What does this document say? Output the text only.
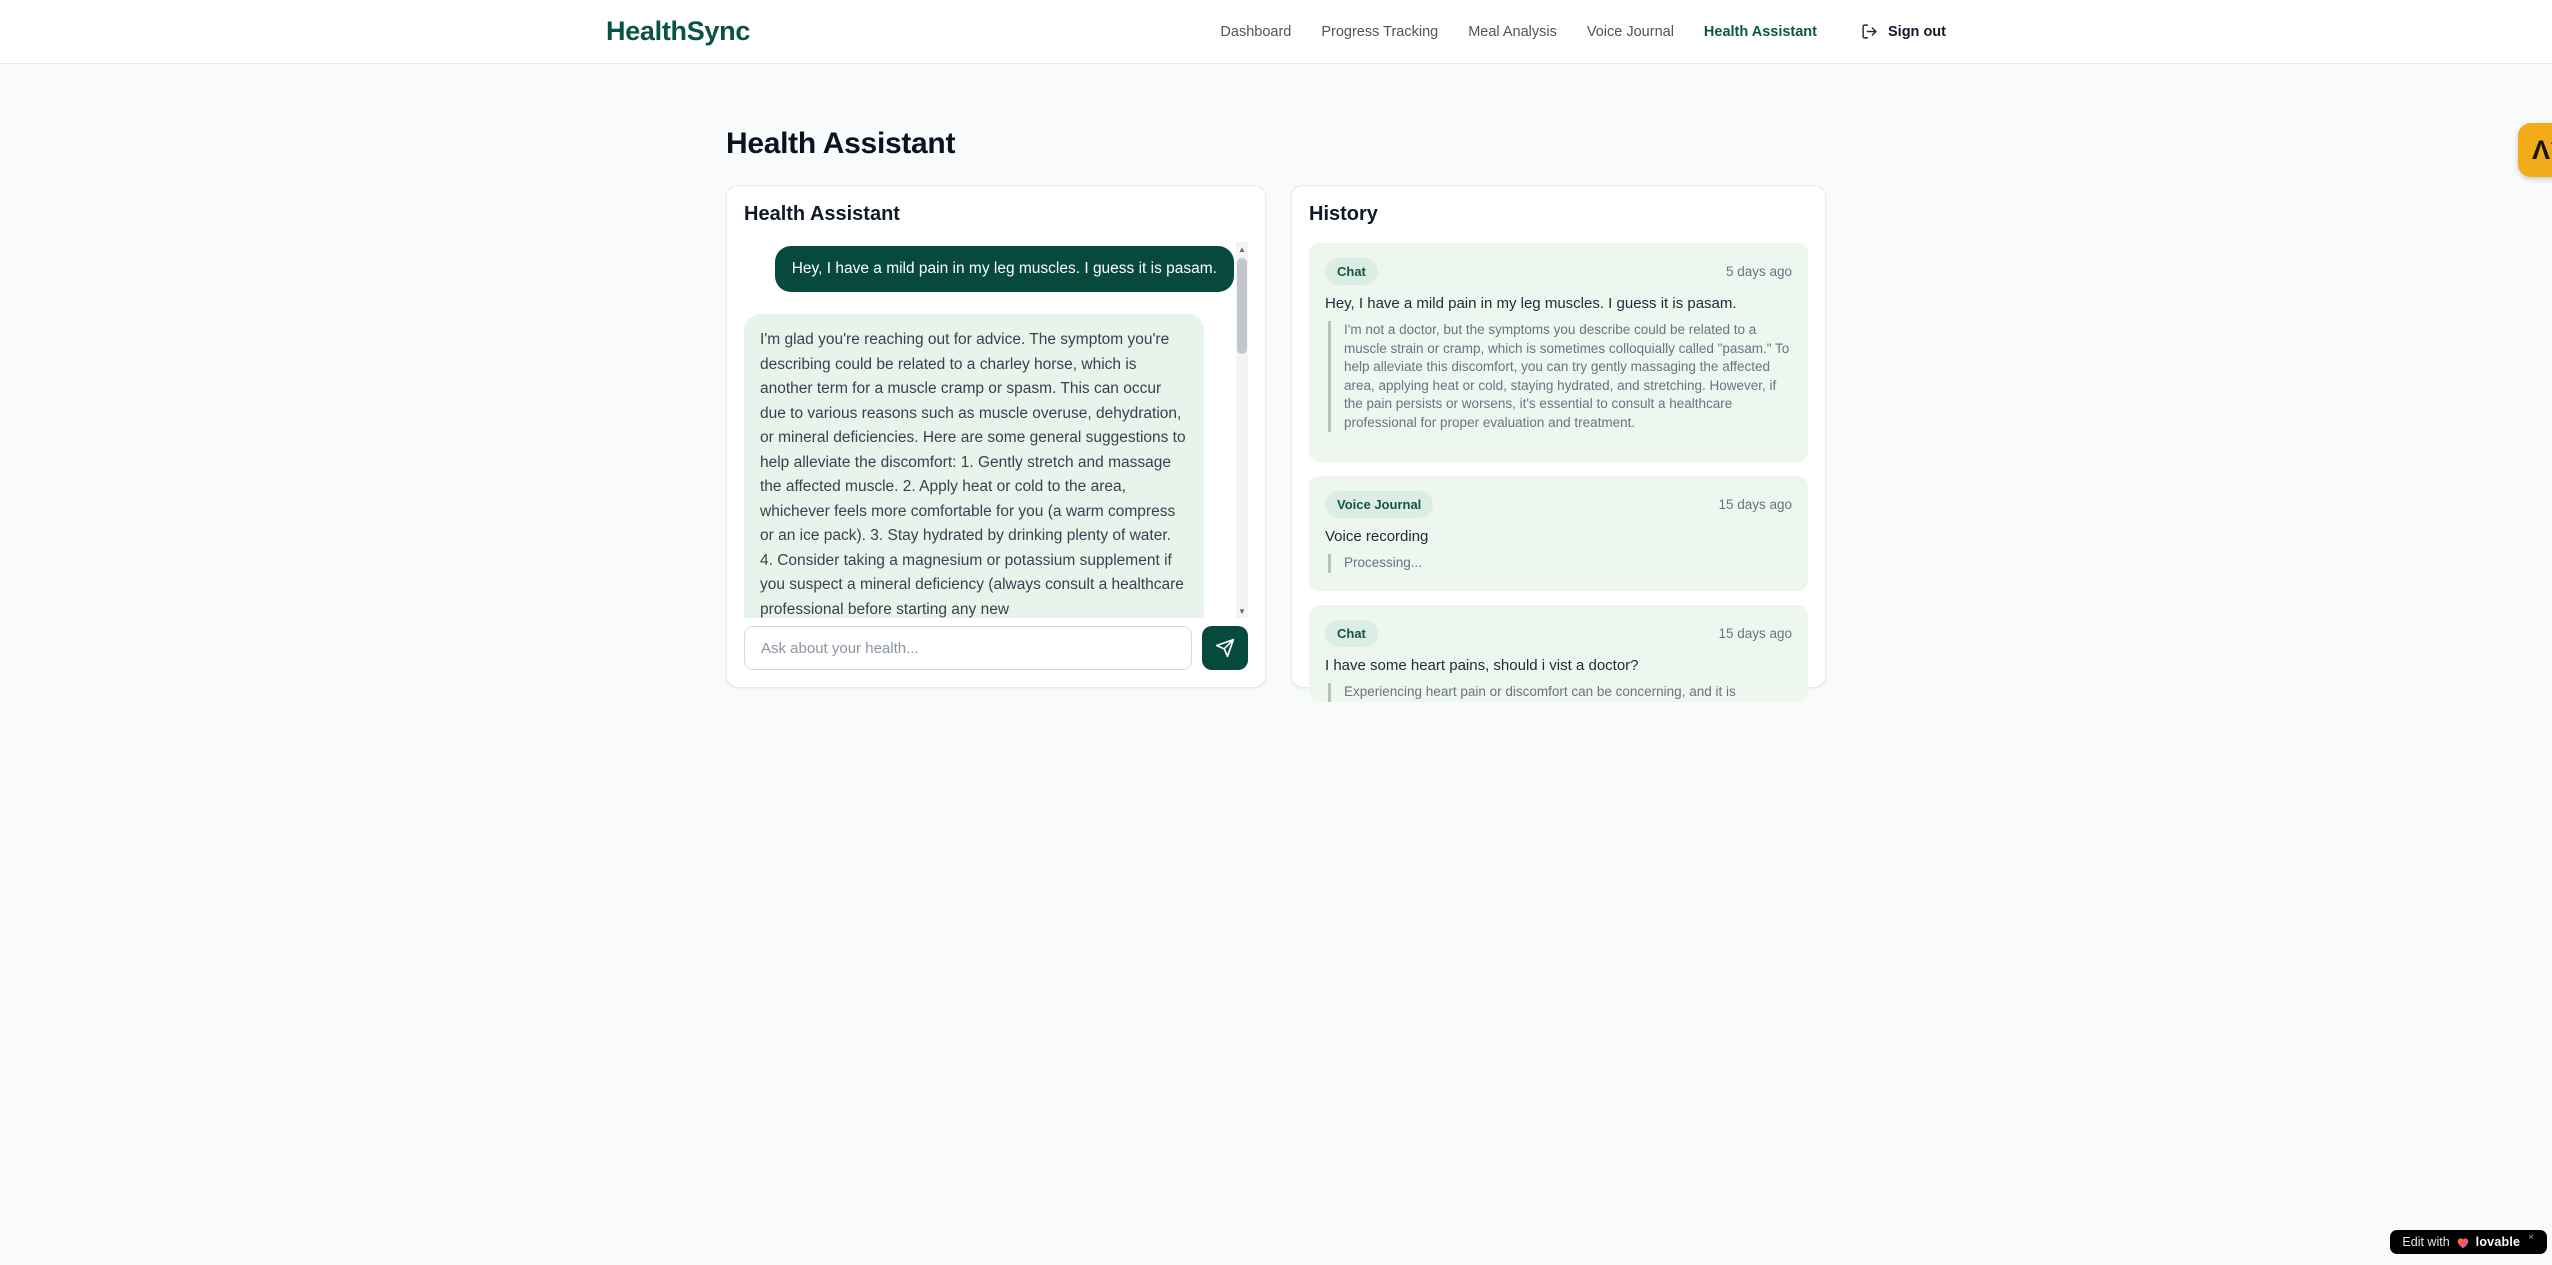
HealthSync	Dashboard Progress Tracking Meal Analysis Voice Journal Health Assistant	Sign out
Health Assistant
Health Assistant
Hey, I have a mild pain in my leg muscles. I guess it is pasam.
I'm glad you're reaching out for advice. The symptom you're describing could be related to a charley horse, which is another term for a muscle cramp or spasm. This can occur due to various reasons such as muscle overuse, dehydration, or mineral deficiencies. Here are some general suggestions to help alleviate the discomfort: 1. Gently stretch and massage the affected muscle. 2. Apply heat or cold to the area, whichever feels more comfortable for you (a warm compress or an ice pack). 3. Stay hydrated by drinking plenty of water. 4. Consider taking a magnesium or potassium supplement if you suspect a mineral deficiency (always consult a healthcare professional before starting any new
▲
▼
Ask about your health...
History
Chat	5 days ago
Hey, I have a mild pain in my leg muscles. I guess it is pasam.
I'm not a doctor, but the symptoms you describe could be related to a muscle strain or cramp, which is sometimes colloquially called "pasam." To help alleviate this discomfort, you can try gently massaging the affected area, applying heat or cold, staying hydrated, and stretching. However, if the pain persists or worsens, it's essential to consult a healthcare professional for proper evaluation and treatment.
Voice Journal	15 days ago
Voice recording
Processing...
Chat	15 days ago
I have some heart pains, should i vist a doctor?
Experiencing heart pain or discomfort can be concerning, and it is
Λ
Edit with lovable ×
